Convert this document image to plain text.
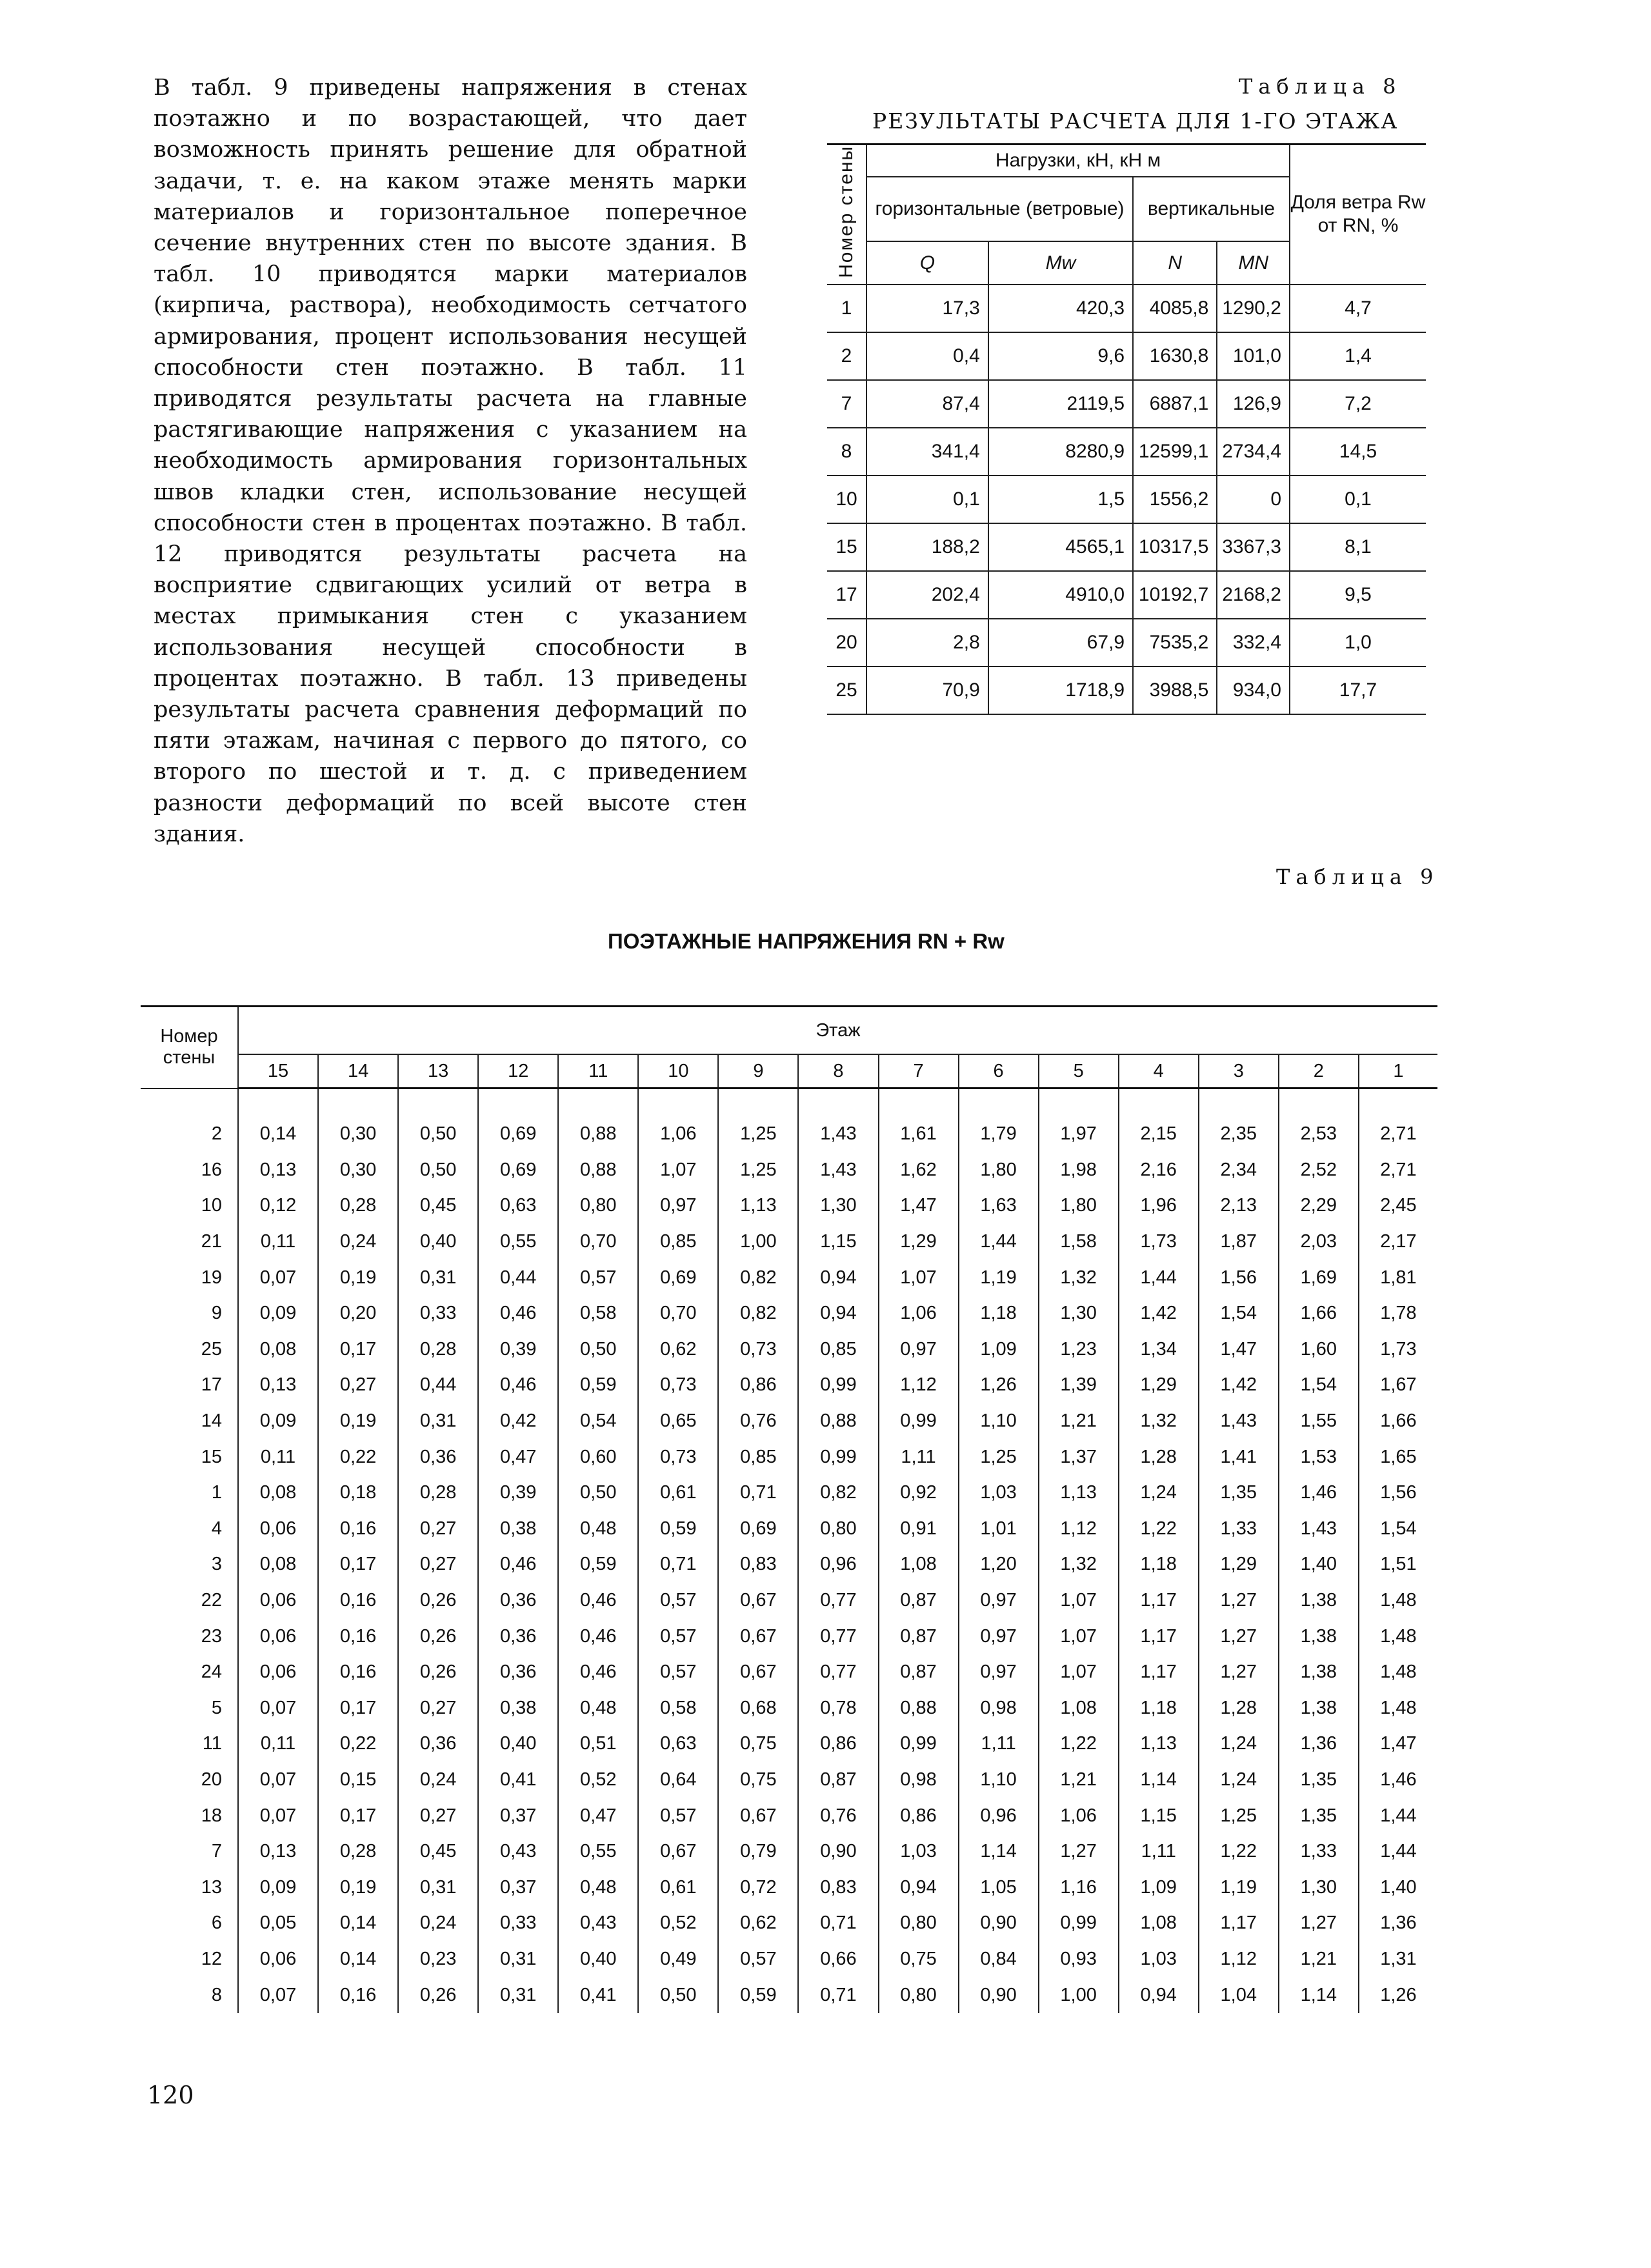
В табл. 9 приведены напряжения в стенах поэтажно и по возрастающей, что дает возможность принять решение для обратной задачи, т. е. на каком этаже менять марки материалов и горизонтальное поперечное сечение внутренних стен по высоте здания. В табл. 10 приводятся марки материалов (кирпича, раствора), необходимость сетчатого армирования, процент использования несущей способности стен поэтажно. В табл. 11 приводятся результаты расчета на главные растягивающие напряжения с указанием на необходимость армирования горизонтальных швов кладки стен, использование несущей способности стен в процентах поэтажно. В табл. 12 приводятся результаты расчета на восприятие сдвигающих усилий от ветра в местах примыкания стен с указанием использования несущей способности в процентах поэтажно. В табл. 13 приведены результаты расчета сравнения деформаций по пяти этажам, начиная с первого до пятого, со второго по шестой и т. д. с приведением разности деформаций по всей высоте стен здания.
Таблица 8
РЕЗУЛЬТАТЫ РАСЧЕТА ДЛЯ 1-ГО ЭТАЖА
Номер стены	Нагрузки, кН, кН м				Доля ветра Rw от RN, %
	горизонтальные (ветровые)		вертикальные		
	Q	Mw	N	MN	
1	17,3	420,3	4085,8	1290,2	4,7
2	0,4	9,6	1630,8	101,0	1,4
7	87,4	2119,5	6887,1	126,9	7,2
8	341,4	8280,9	12599,1	2734,4	14,5
10	0,1	1,5	1556,2	0	0,1
15	188,2	4565,1	10317,5	3367,3	8,1
17	202,4	4910,0	10192,7	2168,2	9,5
20	2,8	67,9	7535,2	332,4	1,0
25	70,9	1718,9	3988,5	934,0	17,7
Таблица 9
ПОЭТАЖНЫЕ НАПРЯЖЕНИЯ RN + Rw
Номер стены	Этаж														
	15	14	13	12	11	10	9	8	7	6	5	4	3	2	1
2	0,14	0,30	0,50	0,69	0,88	1,06	1,25	1,43	1,61	1,79	1,97	2,15	2,35	2,53	2,71
16	0,13	0,30	0,50	0,69	0,88	1,07	1,25	1,43	1,62	1,80	1,98	2,16	2,34	2,52	2,71
10	0,12	0,28	0,45	0,63	0,80	0,97	1,13	1,30	1,47	1,63	1,80	1,96	2,13	2,29	2,45
21	0,11	0,24	0,40	0,55	0,70	0,85	1,00	1,15	1,29	1,44	1,58	1,73	1,87	2,03	2,17
19	0,07	0,19	0,31	0,44	0,57	0,69	0,82	0,94	1,07	1,19	1,32	1,44	1,56	1,69	1,81
9	0,09	0,20	0,33	0,46	0,58	0,70	0,82	0,94	1,06	1,18	1,30	1,42	1,54	1,66	1,78
25	0,08	0,17	0,28	0,39	0,50	0,62	0,73	0,85	0,97	1,09	1,23	1,34	1,47	1,60	1,73
17	0,13	0,27	0,44	0,46	0,59	0,73	0,86	0,99	1,12	1,26	1,39	1,29	1,42	1,54	1,67
14	0,09	0,19	0,31	0,42	0,54	0,65	0,76	0,88	0,99	1,10	1,21	1,32	1,43	1,55	1,66
15	0,11	0,22	0,36	0,47	0,60	0,73	0,85	0,99	1,11	1,25	1,37	1,28	1,41	1,53	1,65
1	0,08	0,18	0,28	0,39	0,50	0,61	0,71	0,82	0,92	1,03	1,13	1,24	1,35	1,46	1,56
4	0,06	0,16	0,27	0,38	0,48	0,59	0,69	0,80	0,91	1,01	1,12	1,22	1,33	1,43	1,54
3	0,08	0,17	0,27	0,46	0,59	0,71	0,83	0,96	1,08	1,20	1,32	1,18	1,29	1,40	1,51
22	0,06	0,16	0,26	0,36	0,46	0,57	0,67	0,77	0,87	0,97	1,07	1,17	1,27	1,38	1,48
23	0,06	0,16	0,26	0,36	0,46	0,57	0,67	0,77	0,87	0,97	1,07	1,17	1,27	1,38	1,48
24	0,06	0,16	0,26	0,36	0,46	0,57	0,67	0,77	0,87	0,97	1,07	1,17	1,27	1,38	1,48
5	0,07	0,17	0,27	0,38	0,48	0,58	0,68	0,78	0,88	0,98	1,08	1,18	1,28	1,38	1,48
11	0,11	0,22	0,36	0,40	0,51	0,63	0,75	0,86	0,99	1,11	1,22	1,13	1,24	1,36	1,47
20	0,07	0,15	0,24	0,41	0,52	0,64	0,75	0,87	0,98	1,10	1,21	1,14	1,24	1,35	1,46
18	0,07	0,17	0,27	0,37	0,47	0,57	0,67	0,76	0,86	0,96	1,06	1,15	1,25	1,35	1,44
7	0,13	0,28	0,45	0,43	0,55	0,67	0,79	0,90	1,03	1,14	1,27	1,11	1,22	1,33	1,44
13	0,09	0,19	0,31	0,37	0,48	0,61	0,72	0,83	0,94	1,05	1,16	1,09	1,19	1,30	1,40
6	0,05	0,14	0,24	0,33	0,43	0,52	0,62	0,71	0,80	0,90	0,99	1,08	1,17	1,27	1,36
12	0,06	0,14	0,23	0,31	0,40	0,49	0,57	0,66	0,75	0,84	0,93	1,03	1,12	1,21	1,31
8	0,07	0,16	0,26	0,31	0,41	0,50	0,59	0,71	0,80	0,90	1,00	0,94	1,04	1,14	1,26
120
